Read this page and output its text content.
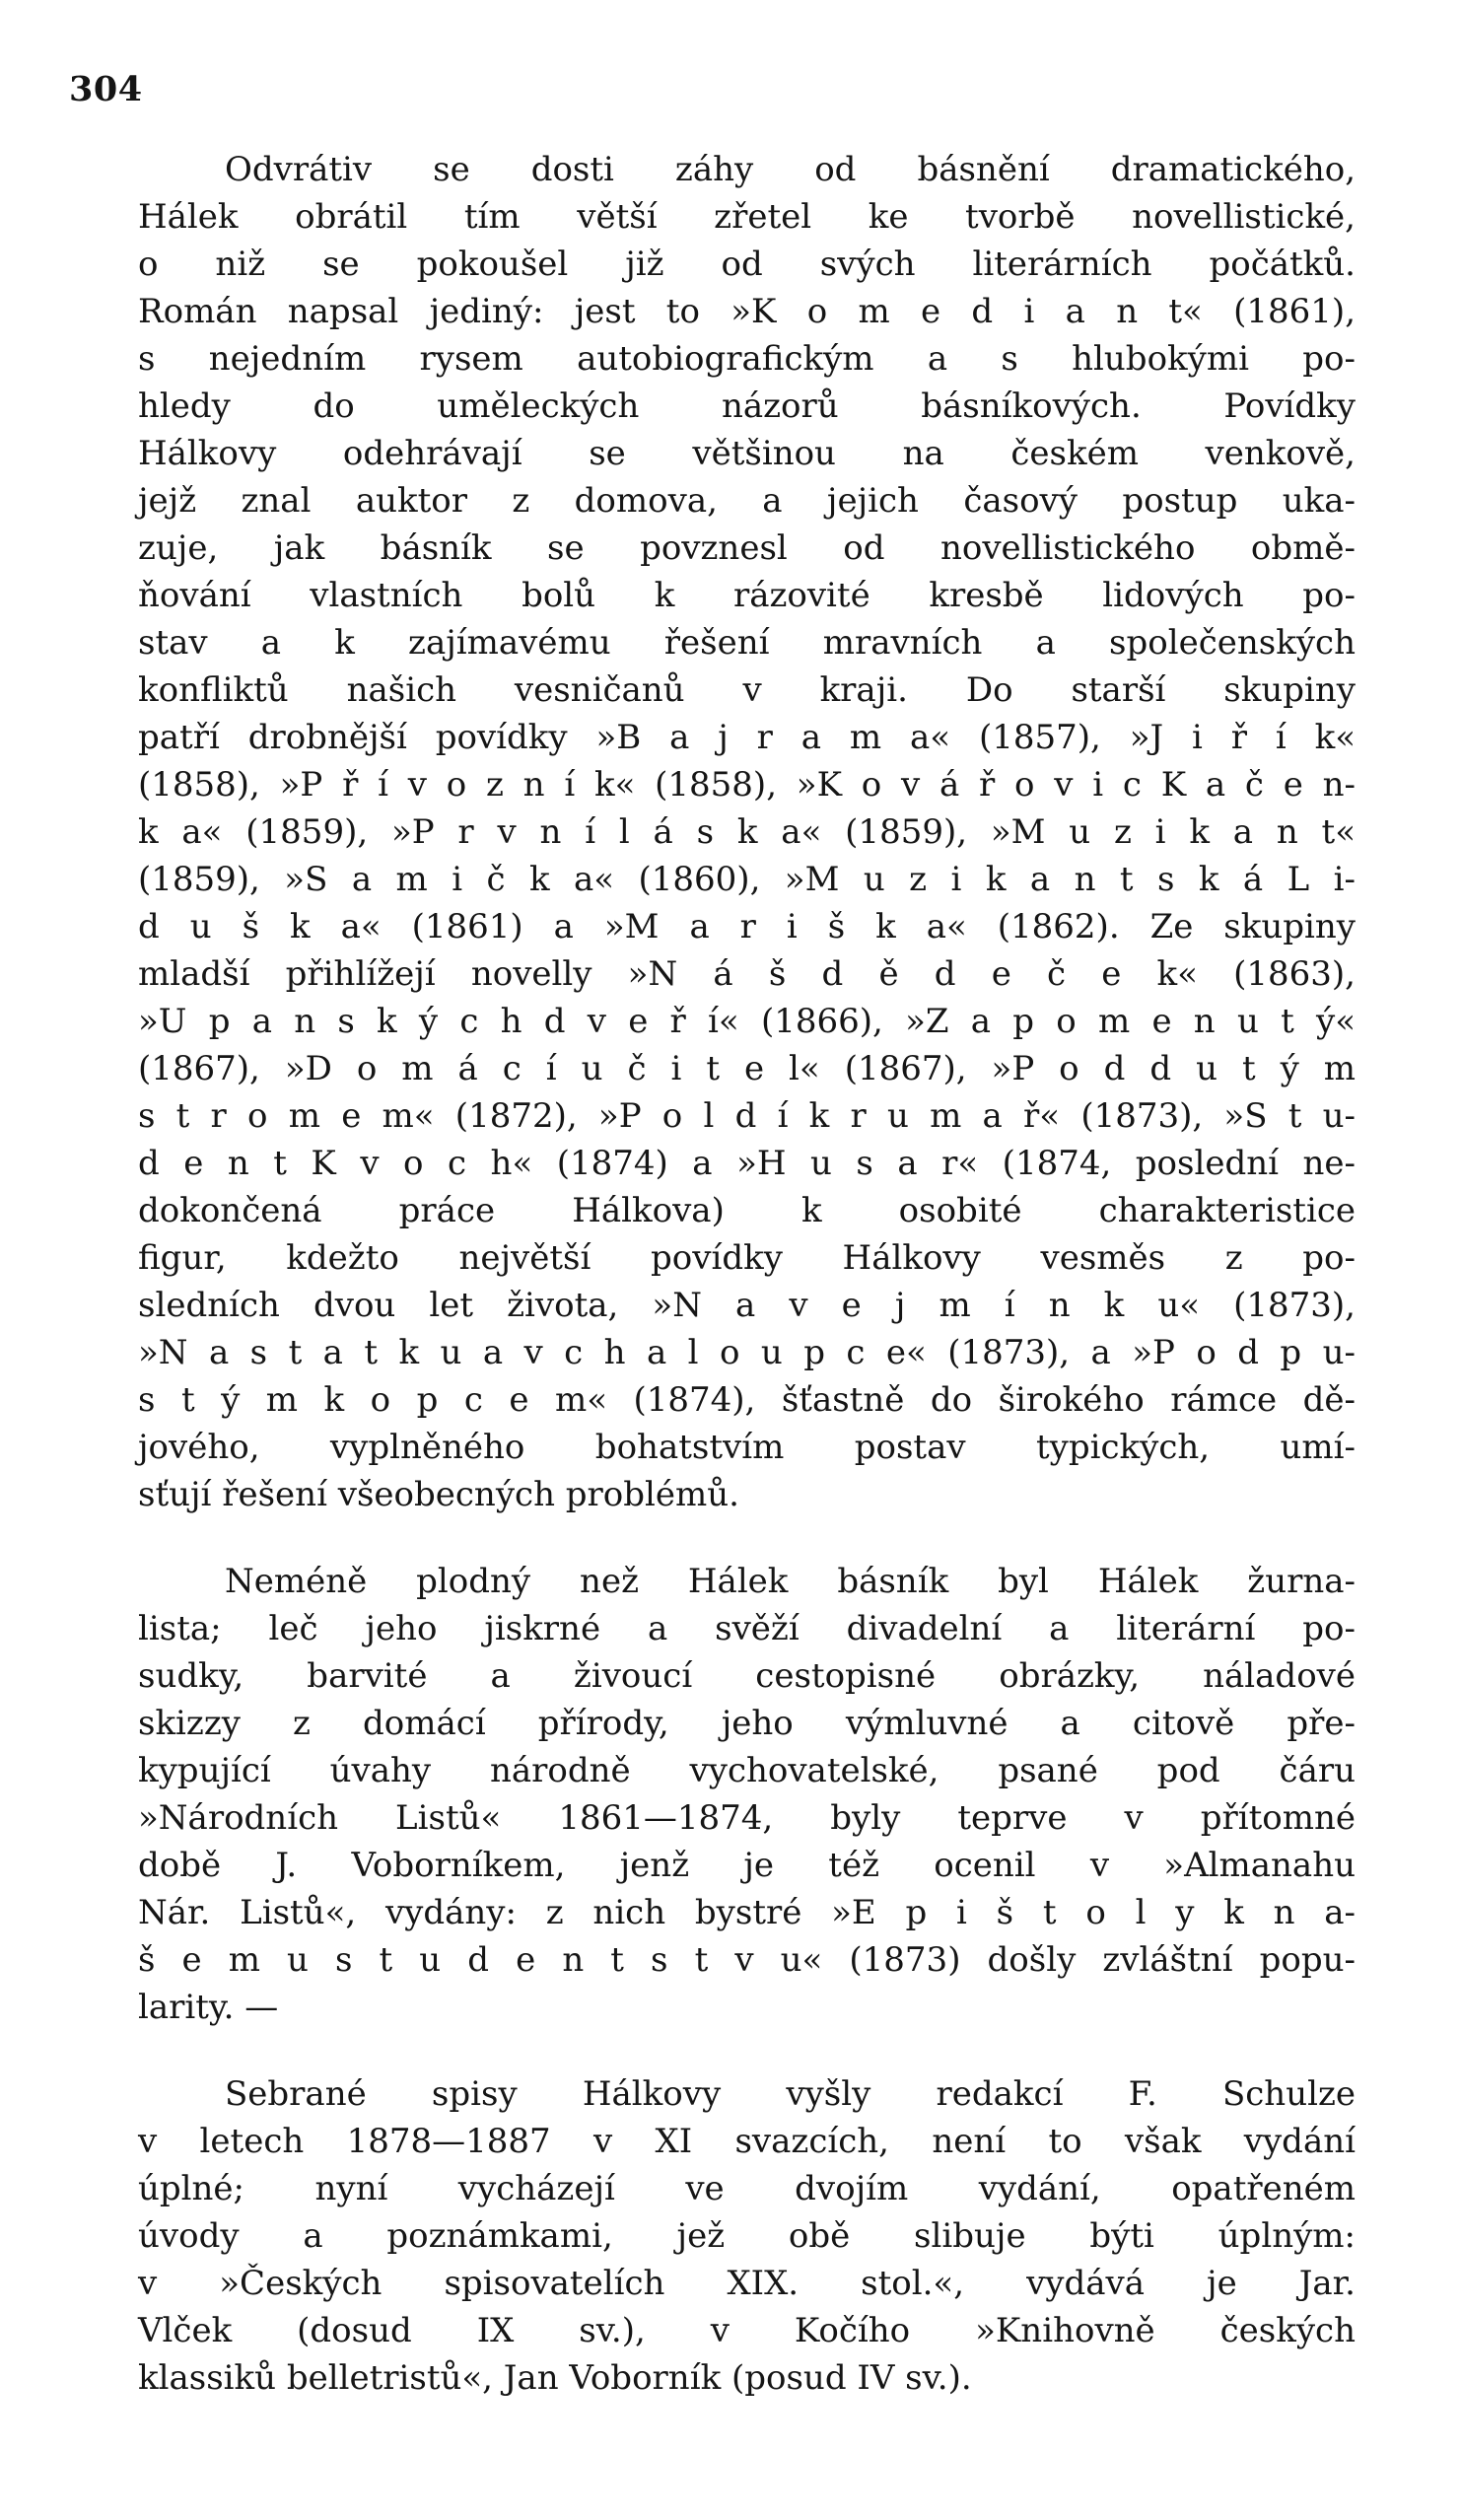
304
Odvrátiv se dosti záhy od básnění dramatického,
Hálek obrátil tím větší zřetel ke tvorbě novellistické,
o niž se pokoušel již od svých literárních počátků.
Román napsal jediný: jest to »K o m e d i a n t« (1861),
s nejedním rysem autobiografickým a s hlubokými po-
hledy do uměleckých názorů básníkových. Povídky
Hálkovy odehrávají se většinou na českém venkově,
jejž znal auktor z domova, a jejich časový postup uka-
zuje, jak básník se povznesl od novellistického obmě-
ňování vlastních bolů k rázovité kresbě lidových po-
stav a k zajímavému řešení mravních a společenských
konfliktů našich vesničanů v kraji. Do starší skupiny
patří drobnější povídky »B a j r a m a« (1857), »J i ř í k«
(1858), »P ř í v o z n í k« (1858), »K o v á ř o v i c K a č e n-
k a« (1859), »P r v n í l á s k a« (1859), »M u z i k a n t«
(1859), »S a m i č k a« (1860), »M u z i k a n t s k á L i-
d u š k a« (1861) a »M a r i š k a« (1862). Ze skupiny
mladší přihlížejí novelly »N á š d ě d e č e k« (1863),
»U p a n s k ý c h d v e ř í« (1866), »Z a p o m e n u t ý«
(1867), »D o m á c í u č i t e l« (1867), »P o d d u t ý m
s t r o m e m« (1872), »P o l d í k r u m a ř« (1873), »S t u-
d e n t K v o c h« (1874) a »H u s a r« (1874, poslední ne-
dokončená práce Hálkova) k osobité charakteristice
figur, kdežto největší povídky Hálkovy vesměs z po-
sledních dvou let života, »N a v e j m í n k u« (1873),
»N a s t a t k u a v c h a l o u p c e« (1873), a »P o d p u-
s t ý m k o p c e m« (1874), šťastně do širokého rámce dě-
jového, vyplněného bohatstvím postav typických, umí-
sťují řešení všeobecných problémů.
Neméně plodný než Hálek básník byl Hálek žurna-
lista; leč jeho jiskrné a svěží divadelní a literární po-
sudky, barvité a živoucí cestopisné obrázky, náladové
skizzy z domácí přírody, jeho výmluvné a citově pře-
kypující úvahy národně vychovatelské, psané pod čáru
»Národních Listů« 1861—1874, byly teprve v přítomné
době J. Voborníkem, jenž je též ocenil v »Almanahu
Nár. Listů«, vydány: z nich bystré »E p i š t o l y k n a-
š e m u s t u d e n t s t v u« (1873) došly zvláštní popu-
larity. —
Sebrané spisy Hálkovy vyšly redakcí F. Schulze
v letech 1878—1887 v XI svazcích, není to však vydání
úplné; nyní vycházejí ve dvojím vydání, opatřeném
úvody a poznámkami, jež obě slibuje býti úplným:
v »Českých spisovatelích XIX. stol.«, vydává je Jar.
Vlček (dosud IX sv.), v Kočího »Knihovně českých
klassiků belletristů«, Jan Voborník (posud IV sv.).
